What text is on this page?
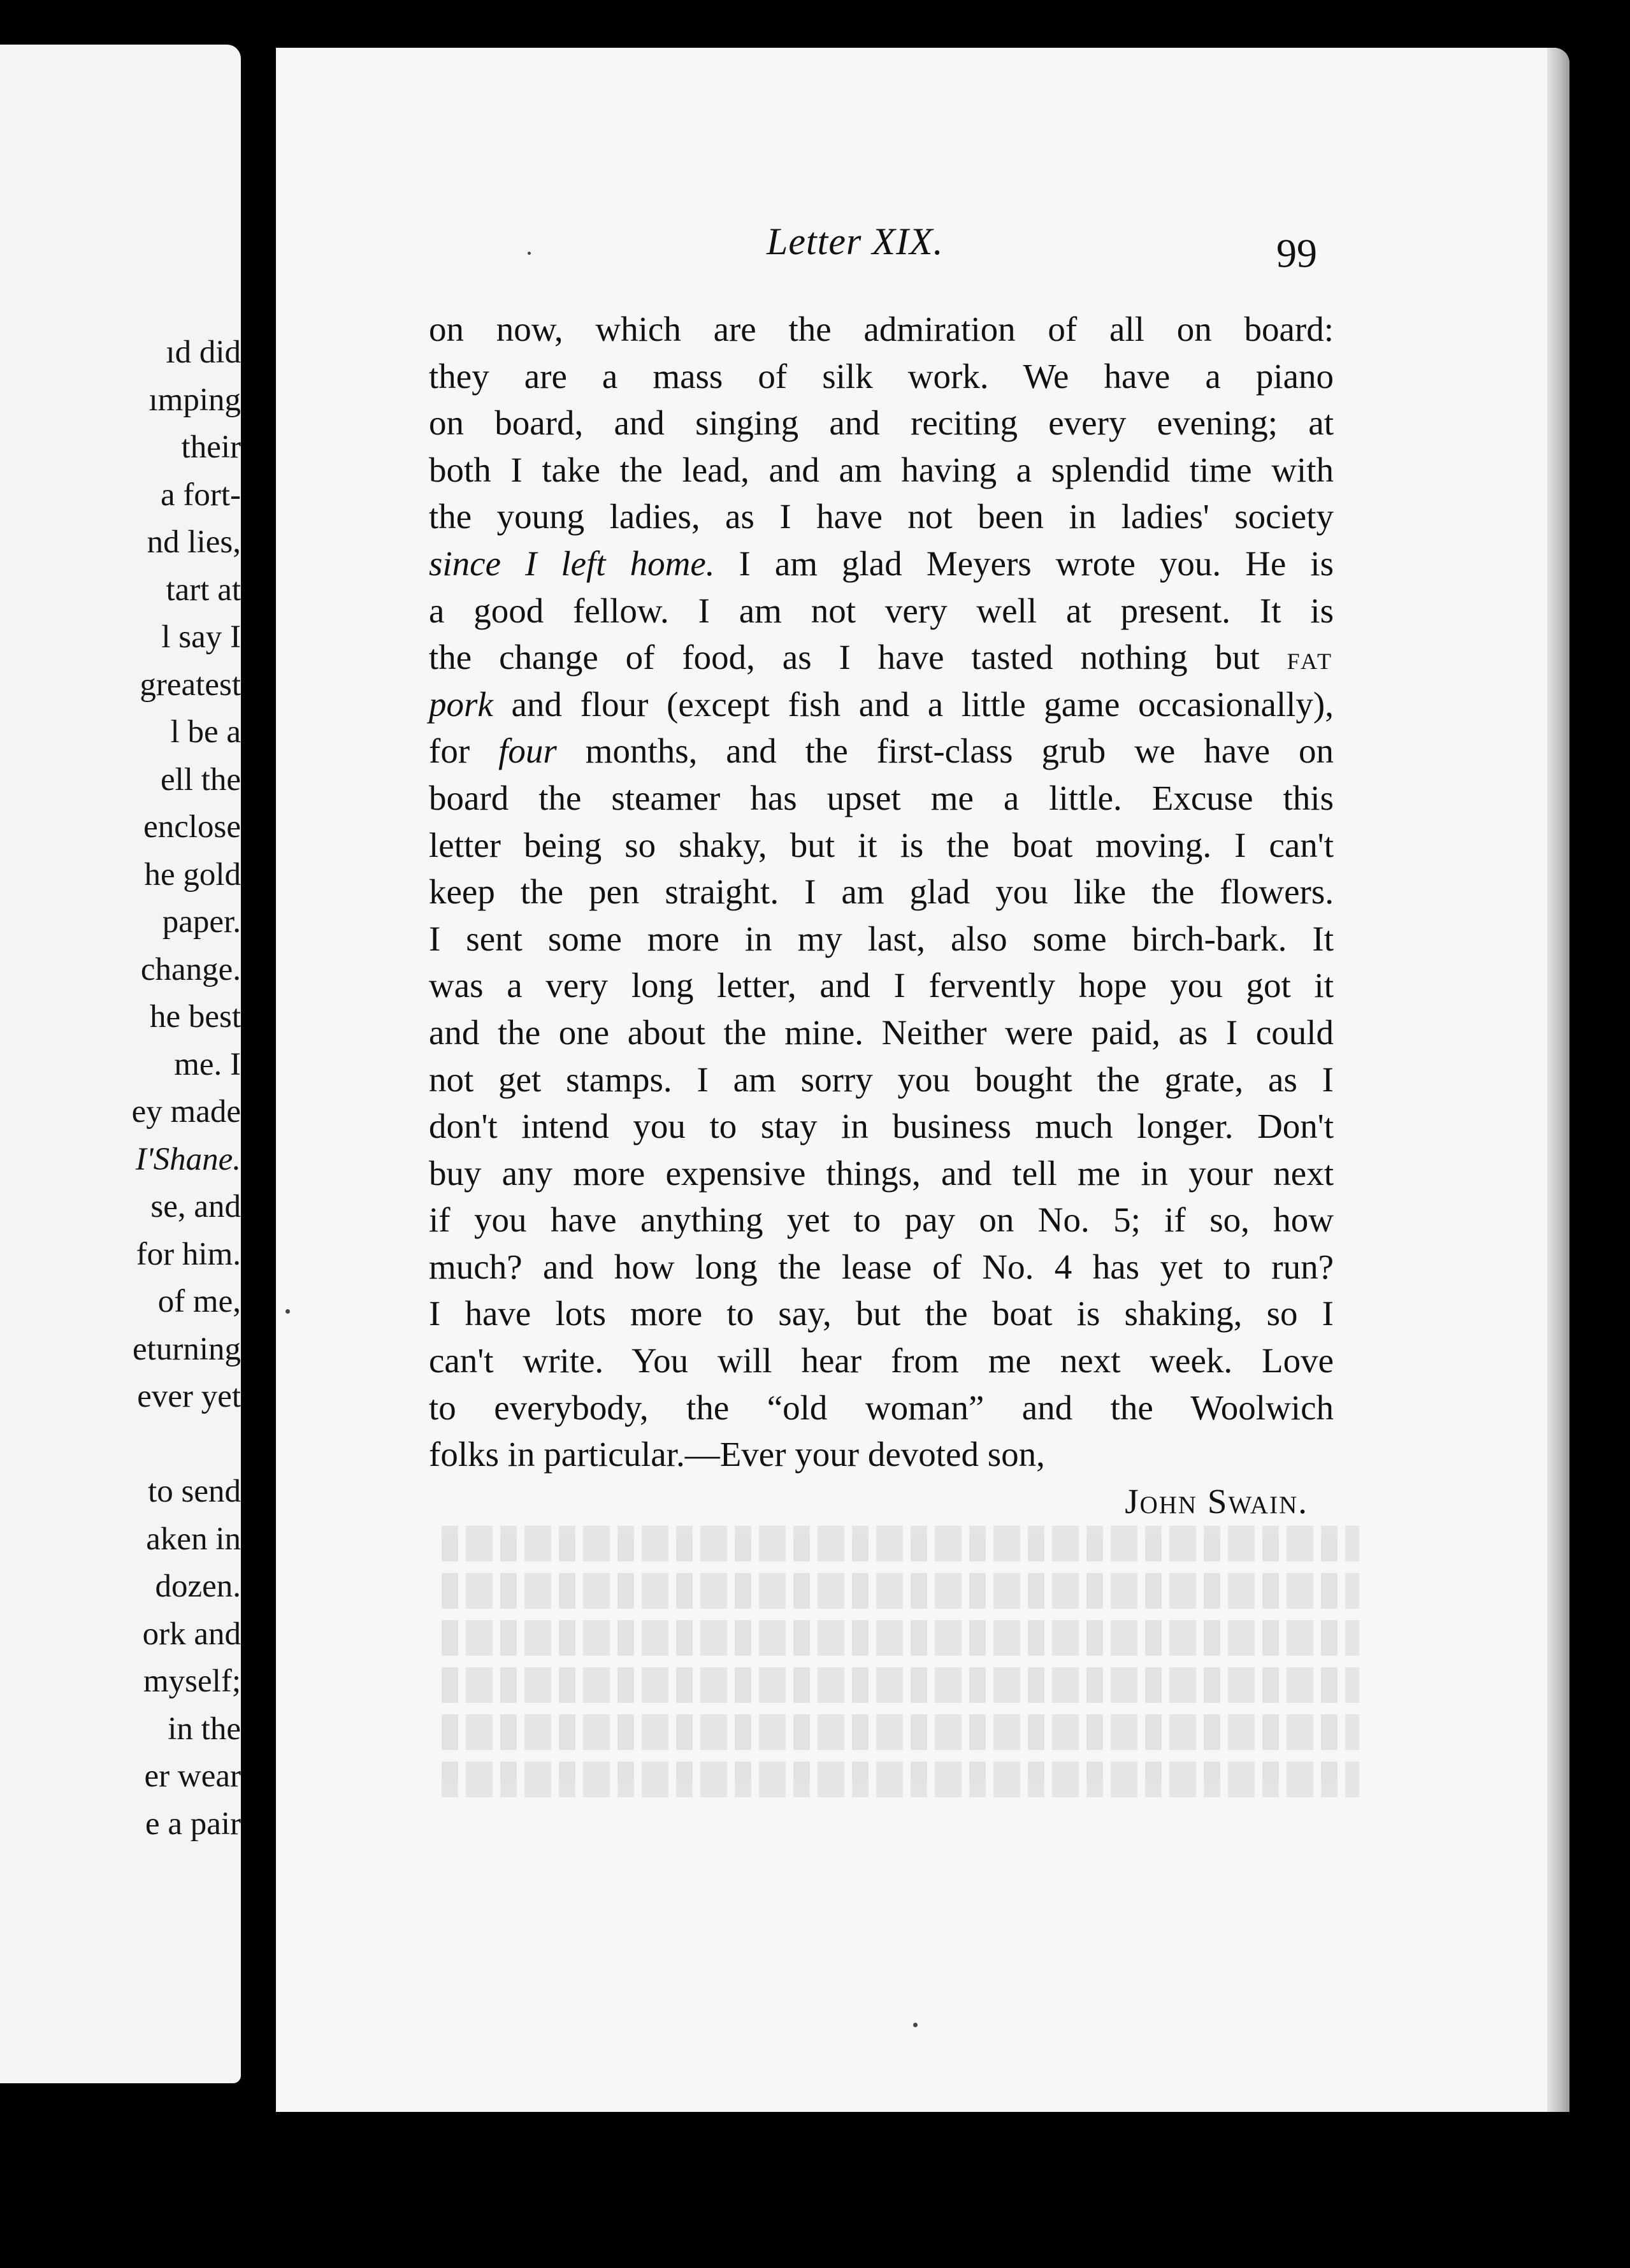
ıd did
ımping
their
a fort-
nd lies,
tart at
l say I
greatest
l be a
ell the
enclose
he gold
paper.
change.
he best
me. I
ey made
I'Shane.
se, and
for him.
of me,
eturning
ever yet
to send
aken in
dozen.
ork and
myself;
in the
er wear
e a pair
Letter XIX.	99
on now, which are the admiration of all on board:
they are a mass of silk work. We have a piano
on board, and singing and reciting every evening; at
both I take the lead, and am having a splendid time with
the young ladies, as I have not been in ladies' society
since I left home. I am glad Meyers wrote you. He is
a good fellow. I am not very well at present. It is
the change of food, as I have tasted nothing but fat
pork and flour (except fish and a little game occasionally),
for four months, and the first-class grub we have on
board the steamer has upset me a little. Excuse this
letter being so shaky, but it is the boat moving. I can't
keep the pen straight. I am glad you like the flowers.
I sent some more in my last, also some birch-bark. It
was a very long letter, and I fervently hope you got it
and the one about the mine. Neither were paid, as I could
not get stamps. I am sorry you bought the grate, as I
don't intend you to stay in business much longer. Don't
buy any more expensive things, and tell me in your next
if you have anything yet to pay on No. 5; if so, how
much? and how long the lease of No. 4 has yet to run?
I have lots more to say, but the boat is shaking, so I
can't write. You will hear from me next week. Love
to everybody, the “old woman” and the Woolwich
folks in particular.—Ever your devoted son,
John Swain.
